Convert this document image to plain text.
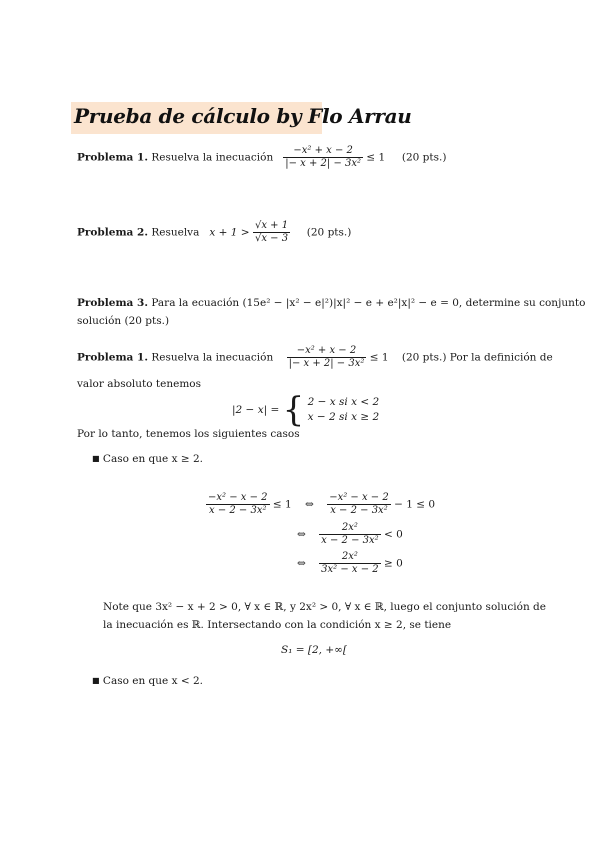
Prueba de cálculo by Flo Arrau
Problema 1. Resuelva la inecuación $\frac{\text{−x² + x − 2}}{\text{|− x + 2| − 3x²}} \le 1$ (20 pts.)
Problema 2. Resuelva $x + 1 > \frac{√x + 1}{√x - 3} (20$ pts.)
Problema 3. Para la ecuación (15e² − |x² − e|²)|x|² − e + e²|x|² − e = 0, determine su conjunto
solución (20 pts.)
Problema 1. Resuelva la inecuación $\frac{\text{−x² + x − 2}}{\text{|− x + 2| − 3x²}} \le 1$ (20 pts.) Por la definición de
valor absoluto tenemos
|2 − x| = { 2 − x si x < 2
x − 2 si x ≥ 2
Por lo tanto, tenemos los siguientes casos
■ Caso en que x ≥ 2.
$\frac{\text{−x² − x − 2}}{\text{x − 2 − 3x²}} \le 1$ ⇔ $\frac{\text{−x² − x − 2}}{\text{x − 2 − 3x²}} - 1 \le 0$
⇔ $\frac{\text{2x²}}{\text{x − 2 − 3x²}} < 0$
⇔ $\frac{\text{2x²}}{\text{3x² − x − 2}} \ge 0$
Note que 3x² − x + 2 > 0, ∀ x ∈ ℝ, y 2x² > 0, ∀ x ∈ ℝ, luego el conjunto solución de
la inecuación es ℝ. Intersectando con la condición x ≥ 2, se tiene
S₁ = [2, +∞[
■ Caso en que x < 2.
